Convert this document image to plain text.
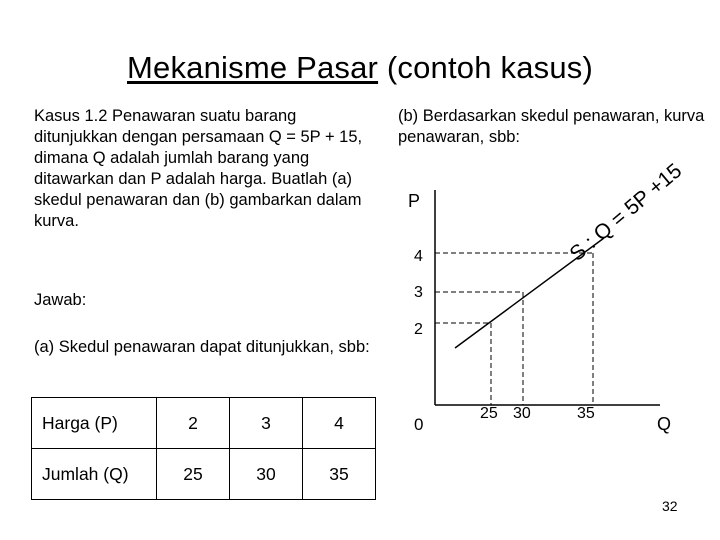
Mekanisme Pasar (contoh kasus)
Kasus 1.2 Penawaran suatu barang ditunjukkan dengan persamaan Q = 5P + 15, dimana Q adalah jumlah barang yang ditawarkan dan P adalah harga. Buatlah (a) skedul penawaran dan (b) gambarkan dalam kurva.
Jawab:
(a) Skedul penawaran dapat ditunjukkan, sbb:
(b) Berdasarkan skedul penawaran, kurva penawaran, sbb:
Harga (P)	2	3	4
Jumlah (Q)	25	30	35
P
4
3
2
0
25 30	35
Q
S : Q = 5P +15
32
